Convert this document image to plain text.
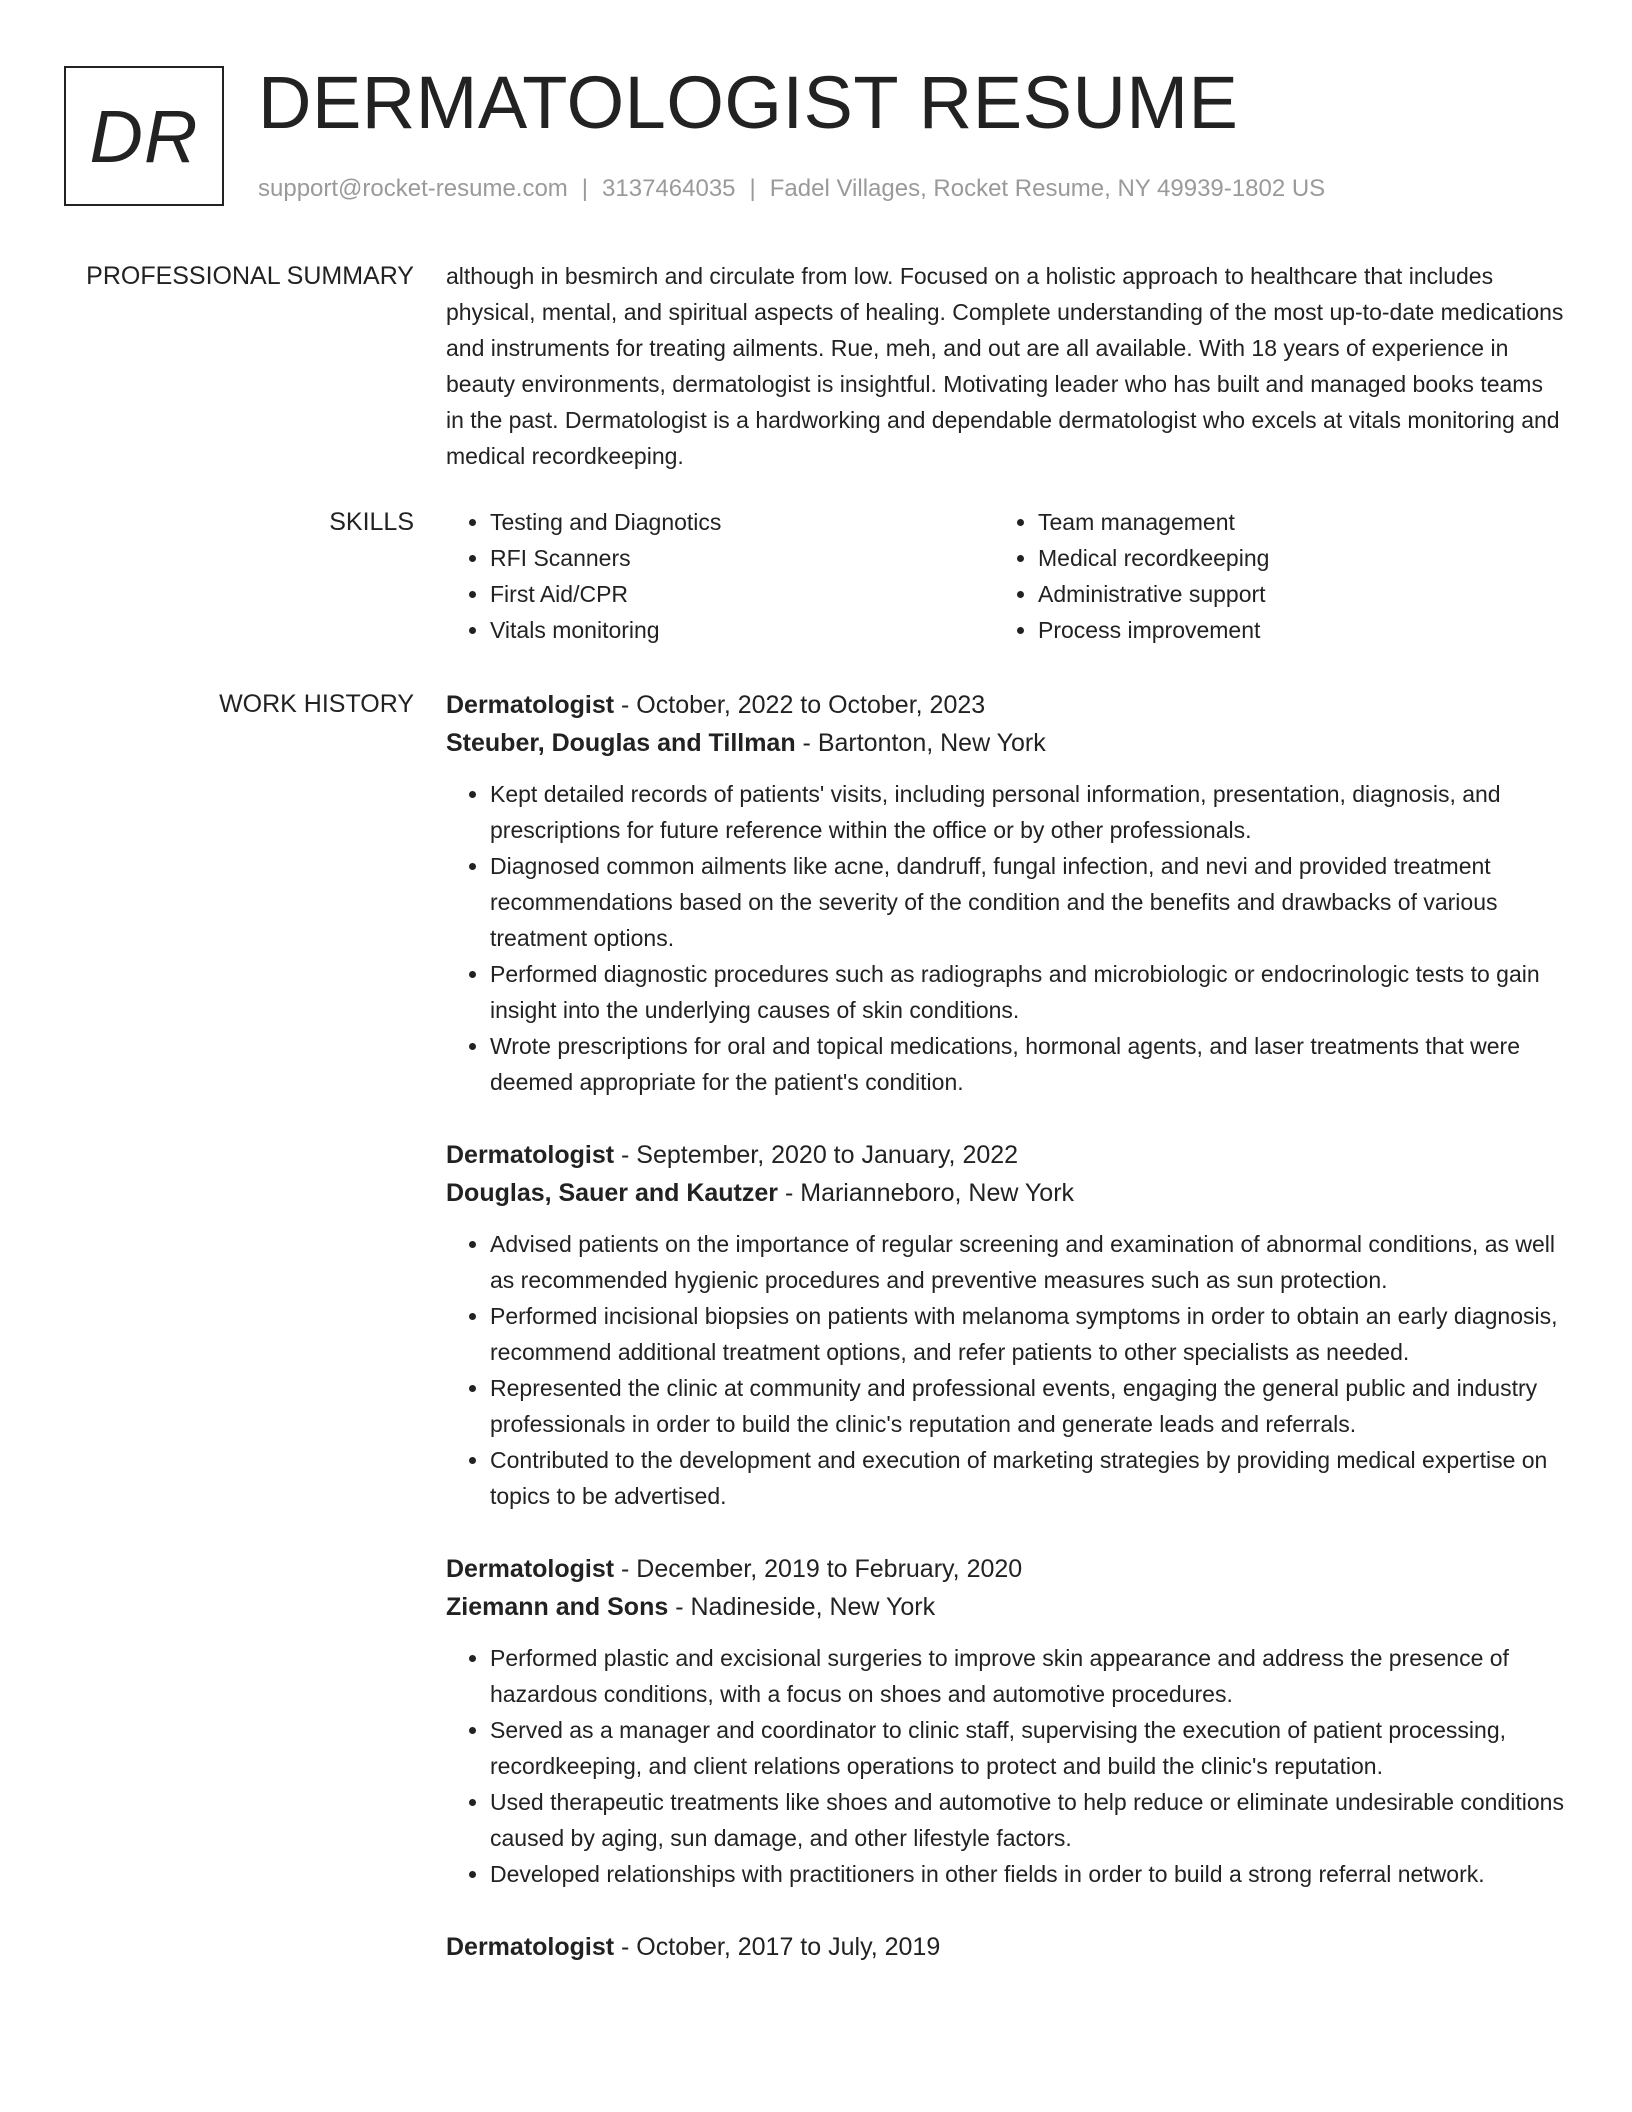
DR DERMATOLOGIST RESUME
support@rocket-resume.com | 3137464035 | Fadel Villages, Rocket Resume, NY 49939-1802 US
PROFESSIONAL SUMMARY although in besmirch and circulate from low. Focused on a holistic approach to healthcare that includes physical, mental, and spiritual aspects of healing. Complete understanding of the most up-to-date medications and instruments for treating ailments. Rue, meh, and out are all available. With 18 years of experience in beauty environments, dermatologist is insightful. Motivating leader who has built and managed books teams in the past. Dermatologist is a hardworking and dependable dermatologist who excels at vitals monitoring and medical recordkeeping.

SKILLS
•	Testing and Diagnotics
• RFI Scanners
• First Aid/CPR
• Vitals monitoring
• Team management
• Medical recordkeeping
• Administrative support
• Process improvement
WORK HISTORY Dermatologist - October, 2022 to October, 2023
Steuber, Douglas and Tillman - Bartonton, New York
• Kept detailed records of patients' visits, including personal information, presentation, diagnosis, and prescriptions for future reference within the office or by other professionals.
• Diagnosed common ailments like acne, dandruff, fungal infection, and nevi and provided treatment recommendations based on the severity of the condition and the benefits and drawbacks of various treatment options.
• Performed diagnostic procedures such as radiographs and microbiologic or endocrinologic tests to gain insight into the underlying causes of skin conditions.
• Wrote prescriptions for oral and topical medications, hormonal agents, and laser treatments that were deemed appropriate for the patient's condition.
Dermatologist - September, 2020 to January, 2022
Douglas, Sauer and Kautzer - Marianneboro, New York
• Advised patients on the importance of regular screening and examination of abnormal conditions, as well as recommended hygienic procedures and preventive measures such as sun protection.
• Performed incisional biopsies on patients with melanoma symptoms in order to obtain an early diagnosis, recommend additional treatment options, and refer patients to other specialists as needed.
• Represented the clinic at community and professional events, engaging the general public and industry professionals in order to build the clinic's reputation and generate leads and referrals.
• Contributed to the development and execution of marketing strategies by providing medical expertise on topics to be advertised.
Dermatologist - December, 2019 to February, 2020
Ziemann and Sons - Nadineside, New York
• Performed plastic and excisional surgeries to improve skin appearance and address the presence of hazardous conditions, with a focus on shoes and automotive procedures.
• Served as a manager and coordinator to clinic staff, supervising the execution of patient processing, recordkeeping, and client relations operations to protect and build the clinic's reputation.
• Used therapeutic treatments like shoes and automotive to help reduce or eliminate undesirable conditions caused by aging, sun damage, and other lifestyle factors.
• Developed relationships with practitioners in other fields in order to build a strong referral network.
Dermatologist - October, 2017 to July, 2019
